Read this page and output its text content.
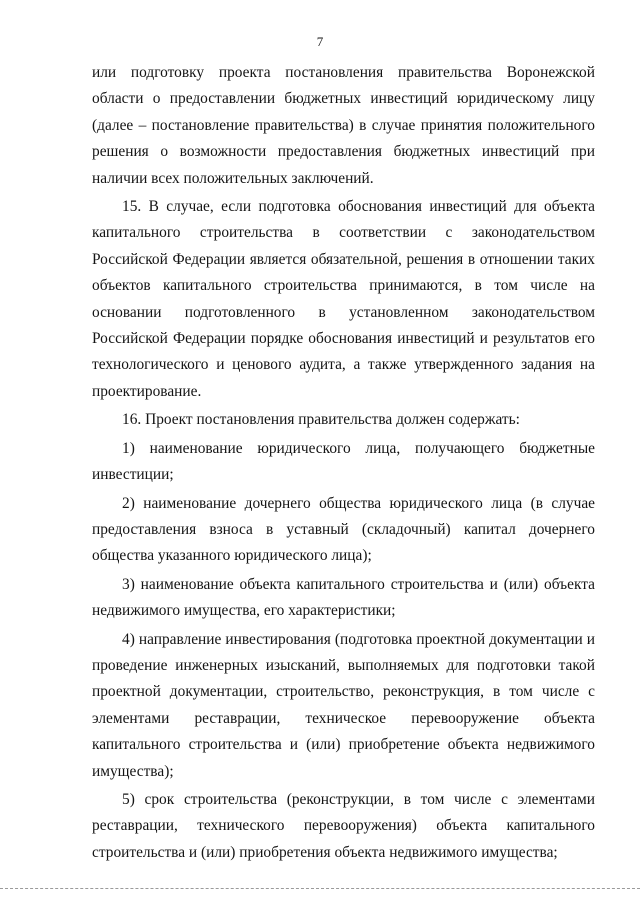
7

или подготовку проекта постановления правительства Воронежской области о предоставлении бюджетных инвестиций юридическому лицу (далее – постановление правительства) в случае принятия положительного решения о возможности предоставления бюджетных инвестиций при наличии всех положительных заключений.

15. В случае, если подготовка обоснования инвестиций для объекта капитального строительства в соответствии с законодательством Российской Федерации является обязательной, решения в отношении таких объектов капитального строительства принимаются, в том числе на основании подготовленного в установленном законодательством Российской Федерации порядке обоснования инвестиций и результатов его технологического и ценового аудита, а также утвержденного задания на проектирование.

16. Проект постановления правительства должен содержать:

1) наименование юридического лица, получающего бюджетные инвестиции;

2) наименование дочернего общества юридического лица (в случае предоставления взноса в уставный (складочный) капитал дочернего общества указанного юридического лица);

3) наименование объекта капитального строительства и (или) объекта недвижимого имущества, его характеристики;

4) направление инвестирования (подготовка проектной документации и проведение инженерных изысканий, выполняемых для подготовки такой проектной документации, строительство, реконструкция, в том числе с элементами реставрации, техническое перевооружение объекта капитального строительства и (или) приобретение объекта недвижимого имущества);

5) срок строительства (реконструкции, в том числе с элементами реставрации, технического перевооружения) объекта капитального строительства и (или) приобретения объекта недвижимого имущества;
